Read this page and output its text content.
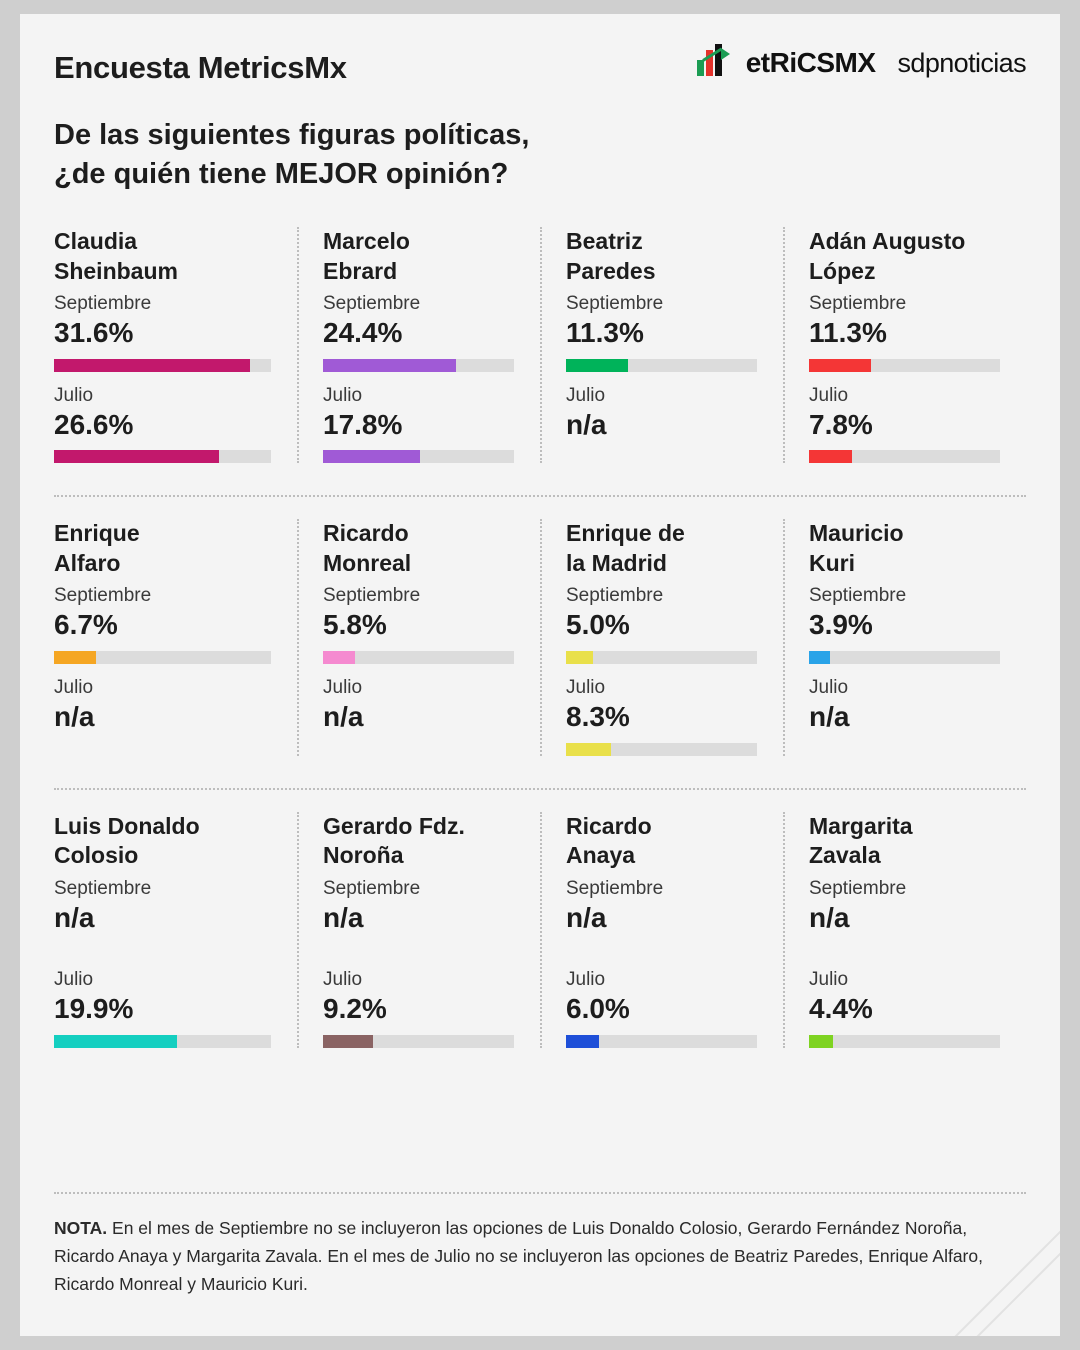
Encuesta MetricsMx	etRiCSMX sdpnoticias
De las siguientes figuras políticas,
¿de quién tiene MEJOR opinión?
Claudia
Sheinbaum
Septiembre
31.6%
Julio
26.6%
Marcelo
Ebrard
Septiembre
24.4%
Julio
17.8%
Beatriz
Paredes
Septiembre
11.3%
Julio
n/a
Adán Augusto
López
Septiembre
11.3%
Julio
7.8%
Enrique
Alfaro
Septiembre
6.7%
Julio
n/a
Ricardo
Monreal
Septiembre
5.8%
Julio
n/a
Enrique de
la Madrid
Septiembre
5.0%
Julio
8.3%
Mauricio
Kuri
Septiembre
3.9%
Julio
n/a
Luis Donaldo
Colosio
Septiembre
n/a
Julio
19.9%
Gerardo Fdz.
Noroña
Septiembre
n/a
Julio
9.2%
Ricardo
Anaya
Septiembre
n/a
Julio
6.0%
Margarita
Zavala
Septiembre
n/a
Julio
4.4%
NOTA. En el mes de Septiembre no se incluyeron las opciones de Luis Donaldo Colosio, Gerardo Fernández Noroña, Ricardo Anaya y Margarita Zavala. En el mes de Julio no se incluyeron las opciones de Beatriz Paredes, Enrique Alfaro, Ricardo Monreal y Mauricio Kuri.
